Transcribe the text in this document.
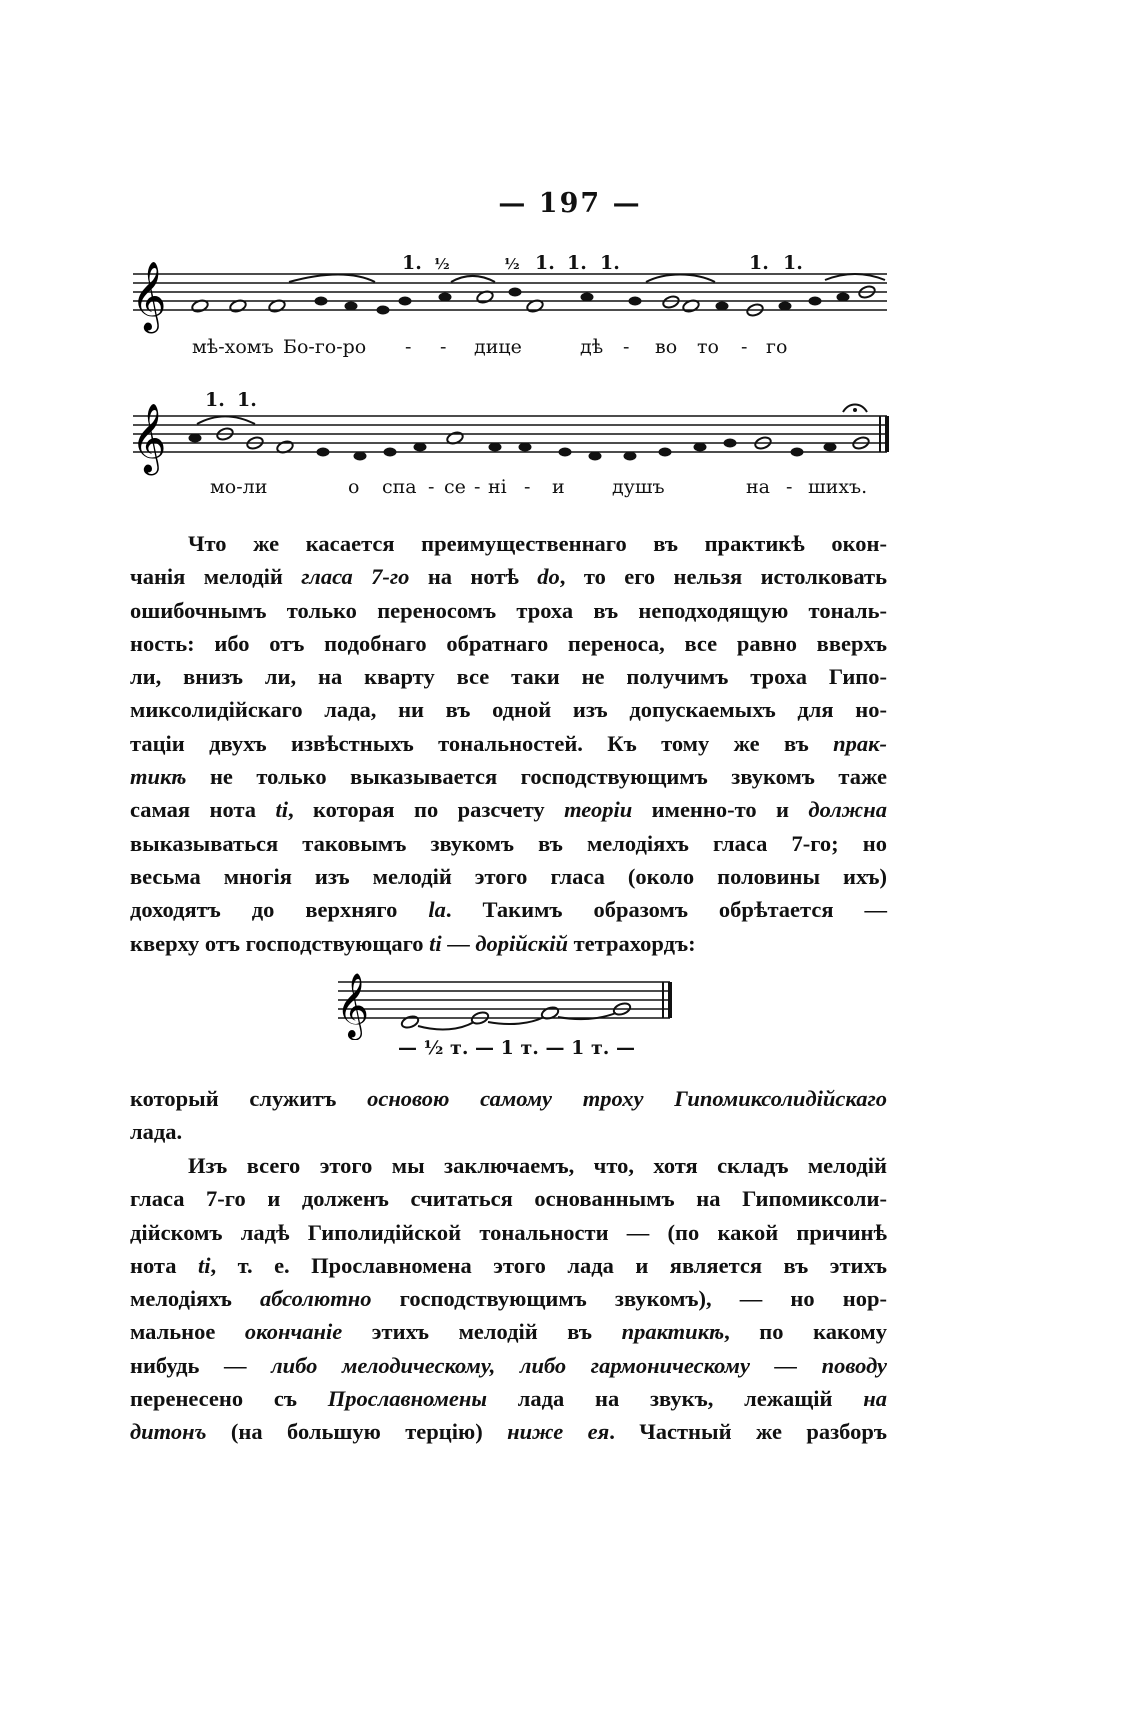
— 197 —
1. ½	½ 1. 1. 1.	1. 1.
𝄞
мѣ-хомъ Бо-го-ро - - дице	дѣ - во то - го
1. 1.
𝄞
мо-ли	о спа - се - ні - и душъ	на - шихъ.
Что же касается преимущественнаго въ практикѣ окон-
чанія мелодій гласа 7-го на нотѣ do, то его нельзя истолковать
ошибочнымъ только переносомъ троха въ неподходящую тональ-
ность: ибо отъ подобнаго обратнаго переноса, все равно вверхъ
ли, внизъ ли, на кварту все таки не получимъ троха Гипо-
миксолидійскаго лада, ни въ одной изъ допускаемыхъ для но-
таціи двухъ извѣстныхъ тональностей. Къ тому же въ прак-
тикѣ не только выказывается господствующимъ звукомъ таже
самая нота ti, которая по разсчету теоріи именно-то и должна
выказываться таковымъ звукомъ въ мелодіяхъ гласа 7-го; но
весьма многія изъ мелодій этого гласа (около половины ихъ)
доходятъ до верхняго la. Такимъ образомъ обрѣтается —
кверху отъ господствующаго ti — дорійскій тетрахордъ:
𝄞
— ½ т. — 1 т. — 1 т. —
который служитъ основою самому троху Гипомиксолидійскаго
лада.
Изъ всего этого мы заключаемъ, что, хотя складъ мелодій
гласа 7-го и долженъ считаться основаннымъ на Гипомиксоли-
дійскомъ ладѣ Гиполидійской тональности — (по какой причинѣ
нота ti, т. е. Прославномена этого лада и является въ этихъ
мелодіяхъ абсолютно господствующимъ звукомъ), — но нор-
мальное окончаніе этихъ мелодій въ практикѣ, по какому
нибудь — либо мелодическому, либо гармоническому — поводу
перенесено съ Прославномены лада на звукъ, лежащій на
дитонъ (на большую терцію) ниже ея. Частный же разборъ
